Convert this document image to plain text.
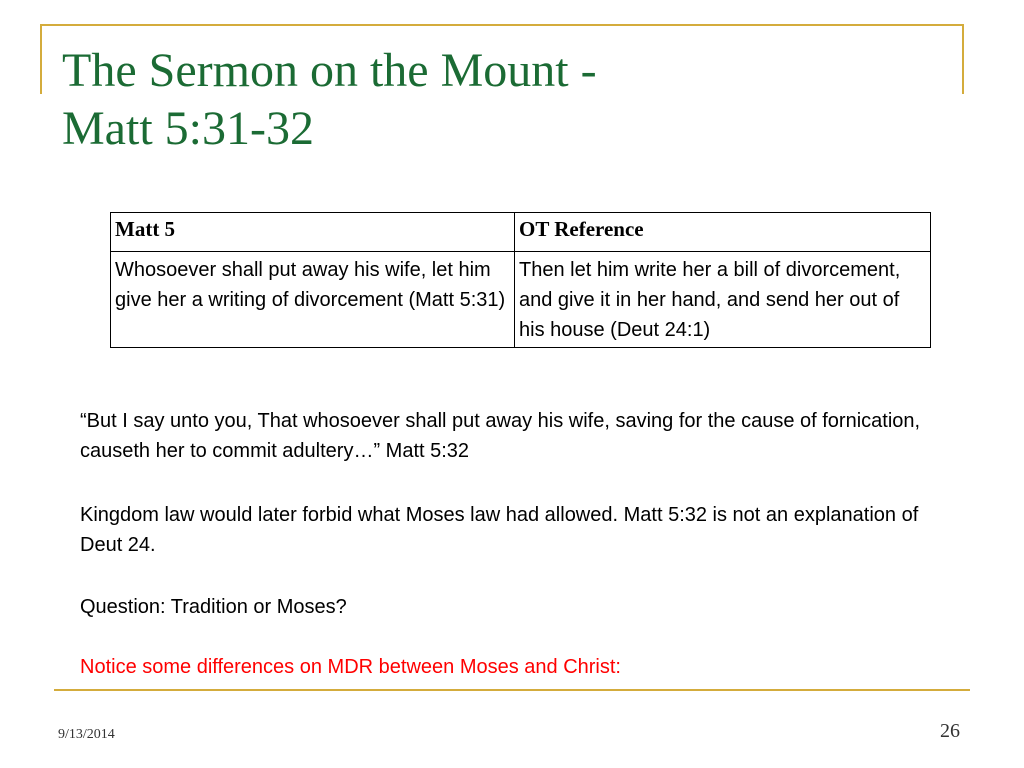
The Sermon on the Mount -
Matt 5:31-32
Matt 5	OT Reference
Whosoever shall put away his wife, let him give her a writing of divorcement (Matt 5:31)	Then let him write her a bill of divorcement, and give it in her hand, and send her out of his house (Deut 24:1)
“But I say unto you, That whosoever shall put away his wife, saving for the cause of fornication, causeth her to commit adultery…” Matt 5:32
Kingdom law would later forbid what Moses law had allowed. Matt 5:32 is not an explanation of Deut 24.
Question: Tradition or Moses?
Notice some differences on MDR between Moses and Christ:
9/13/2014	26
